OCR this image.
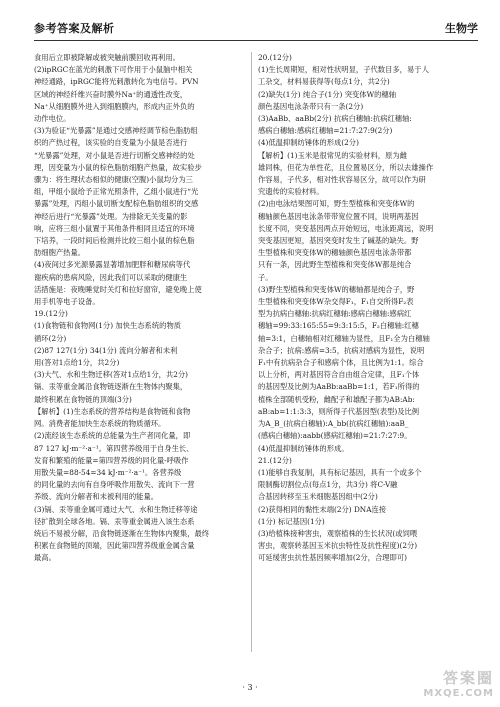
参考答案及解析	生物学
食用后立即被降解或被突触前膜回收再利用。
(2)ipRGC在蓝光的刺激下可作用于小鼠脑中相关
神经通路，ipRGC能将光刺激转化为电信号。PVN
区域的神经纤维兴奋时膜外Na⁺的通透性改变，
Na⁺从细胞膜外进入到细胞膜内，形成内正外负的
动作电位。
(3)为验证“光暴露”是通过交感神经调节棕色脂肪组
织的产热过程，该实验的自变量为小鼠是否进行
“光暴露”处理，对小鼠是否进行切断交感神经的处
理，因变量为小鼠的棕色脂肪细胞产热量，故实验步
骤为：将生理状态相似的健康(空腹)小鼠均分为三
组，甲组小鼠给予正常光照条件，乙组小鼠进行“光
暴露”处理，丙组小鼠切断支配棕色脂肪组织的交感
神经后进行“光暴露”处理。为排除无关变量的影
响，应将三组小鼠置于其他条件相同且适宜的环境
下培养，一段时间后检测并比较三组小鼠的棕色脂
肪细胞产热量。
(4)夜间过多光源暴露显著增加肥胖和糖尿病等代
谢疾病的患病风险，因此我们可以采取的健康生
活措施是：夜晚睡觉时关灯和拉好窗帘，避免晚上使
用手机等电子设备。
19.(12分)
(1)食物链和食物网(1分) 加快生态系统的物质
循环(2分)
(2)87 127(1分) 34(1分) 流向分解者和未利
用(答对1点给1分，共2分)
(3)大气、水和生物迁移(答对1点给1分，共2分)
镉、汞等重金属沿食物链逐渐在生物体内聚集，
最终积累在食物链的顶端(3分)
【解析】(1)生态系统的营养结构是食物链和食物
网。消费者能加快生态系统的物质循环。
(2)流经该生态系统的总能量为生产者同化量，即
87 127 kJ·m⁻²·a⁻¹。第四营养级用于自身生长、
发育和繁殖的能量=第四营养级的同化量-呼吸作
用散失量=88-54=34 kJ·m⁻²·a⁻¹。各营养级
的同化量的去向有自身呼吸作用散失、流向下一营
养级、流向分解者和未被利用的能量。
(3)镉、汞等重金属可通过大气、水和生物迁移等途
径扩散到全球各地。镉、汞等重金属进入该生态系
统后不易被分解，沿食物链逐渐在生物体内聚集，最终
积累在食物链的顶端，因此第四营养级重金属含量
最高。
20.(12分)
(1)生长周期短，相对性状明显，子代数目多，易于人
工杂交，材料易获得等(每点1分，共2分)
(2)缺失(1分) 纯合子(1分) 突变体W的穗轴
颜色基因电泳条带只有一条(2分)
(3)AaBb、aaBb(2分) 抗病白穗轴:抗病红穗轴:
感病白穗轴:感病红穗轴=21:7:27:9(2分)
(4)低温抑制纺锤体的形成(2分)
【解析】(1)玉米是很常见的实验材料，原为雌
雄同株，但花为单性花，且位置易区分，所以去雄操作
作容易，子代多，相对性状容易区分，故可以作为研
究遗传的实验材料。
(2)由电泳结果图可知，野生型植株和突变体W的
穗轴颜色基因电泳条带带宽位置不同，说明两基因
长度不同，突变基因两点开始短远，电泳距离远，说明
突变基因更短，基因突变时发生了碱基的缺失。野
生型植株和突变体W的穗轴颜色基因电泳条带都
只有一条，因此野生型植株和突变体W都是纯合
子。
(3)野生型植株和突变体W的穗轴都是纯合子，野
生型植株和突变体W杂交得F₁，F₁自交所得F₂表
型为抗病白穗轴:抗病红穗轴:感病白穗轴:感病红
穗轴=99:33:165:55=9:3:15:5，F₂白穗轴:红穗
轴=3:1，白穗轴相对红穗轴为显性，且F₁全为白穗轴
杂合子；抗病:感病=3:5，抗病对感病为显性，说明
F₁中有抗病杂合子和感病个体，且比例为1:1。综合
以上分析，两对基因符合自由组合定律，且F₁个体
的基因型及比例为AaBb:aaBb=1:1，若F₁所得的
植株全部随机受粉，雌配子和雄配子都为AB:Ab:
aB:ab=1:1:3:3，则所得子代基因型(表型)及比例
为A_B_(抗病白穗轴):A_bb(抗病红穗轴):aaB_
(感病白穗轴):aabb(感病红穗轴)=21:7:27:9。
(4)低温抑制纺锤体的形成。
21.(12分)
(1)能够自我复制，具有标记基因，具有一个或多个
限制酶切割位点(每点1分，共3分) 将C-V融
合基因转移至玉米细胞基因组中(2分)
(2)获得相同的黏性末端(2分) DNA连接
(1分) 标记基因(1分)
(3)给植株接种害虫，观察植株的生长状况(或饲喂
害虫，观察转基因玉米抗虫特性及抗性程度)(2分)
可延缓害虫抗性基因频率增加(2分，合理即可)
· 3 ·
答案圈
MXQE.COM
